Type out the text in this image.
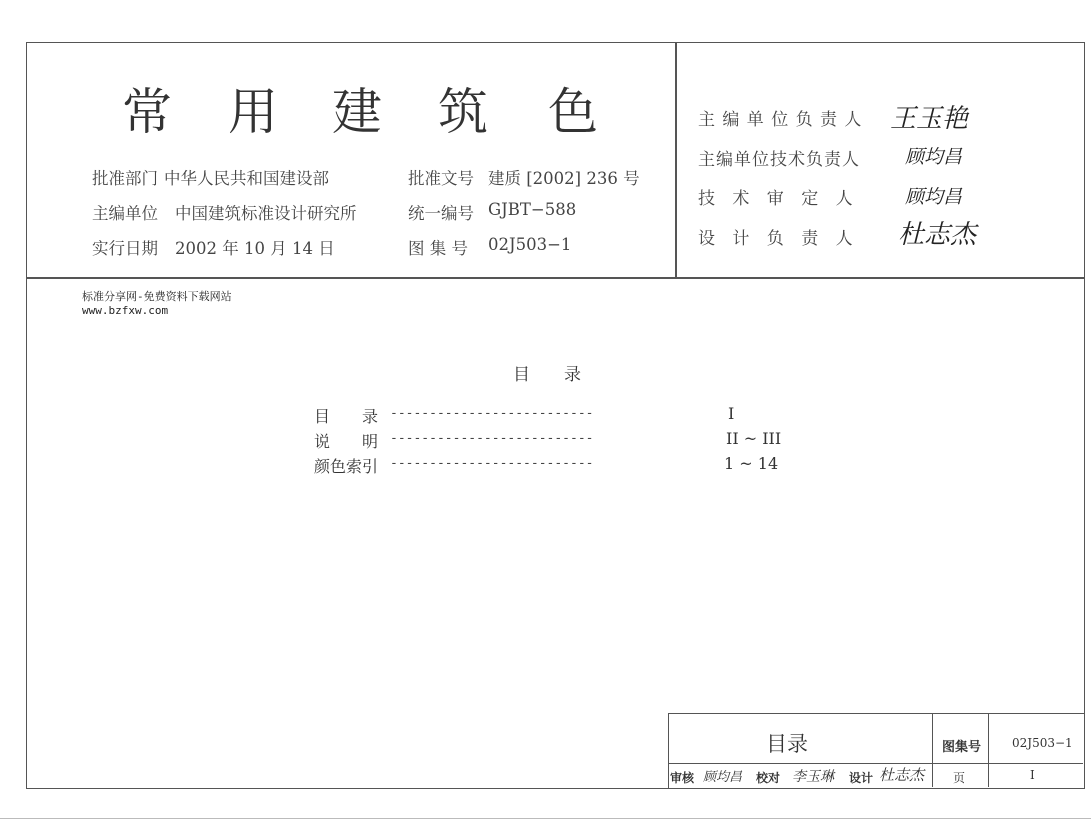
常 用 建 筑 色
批准部门 中华人民共和国建设部	批准文号 建质 [2002] 236 号
主编单位 中国建筑标准设计研究所	统一编号 GJBT−588
实行日期 2002 年 10 月 14 日	图 集 号 02J503−1
主 编 单 位 负 责 人 王玉艳
主编单位技术负责人 顾均昌
技 术 审 定 人 顾均昌
设 计 负 责 人 杜志杰
标准分享网-免费资料下载网站
www.bzfxw.com
目　　录
目　　录 --------------------------	I
说　　明 --------------------------	II ~ III
颜色索引 --------------------------	1 ~ 14
目录	图集号	02J503−1
审核 顾均昌 校对 李玉琳 设计 杜志杰 页	I
